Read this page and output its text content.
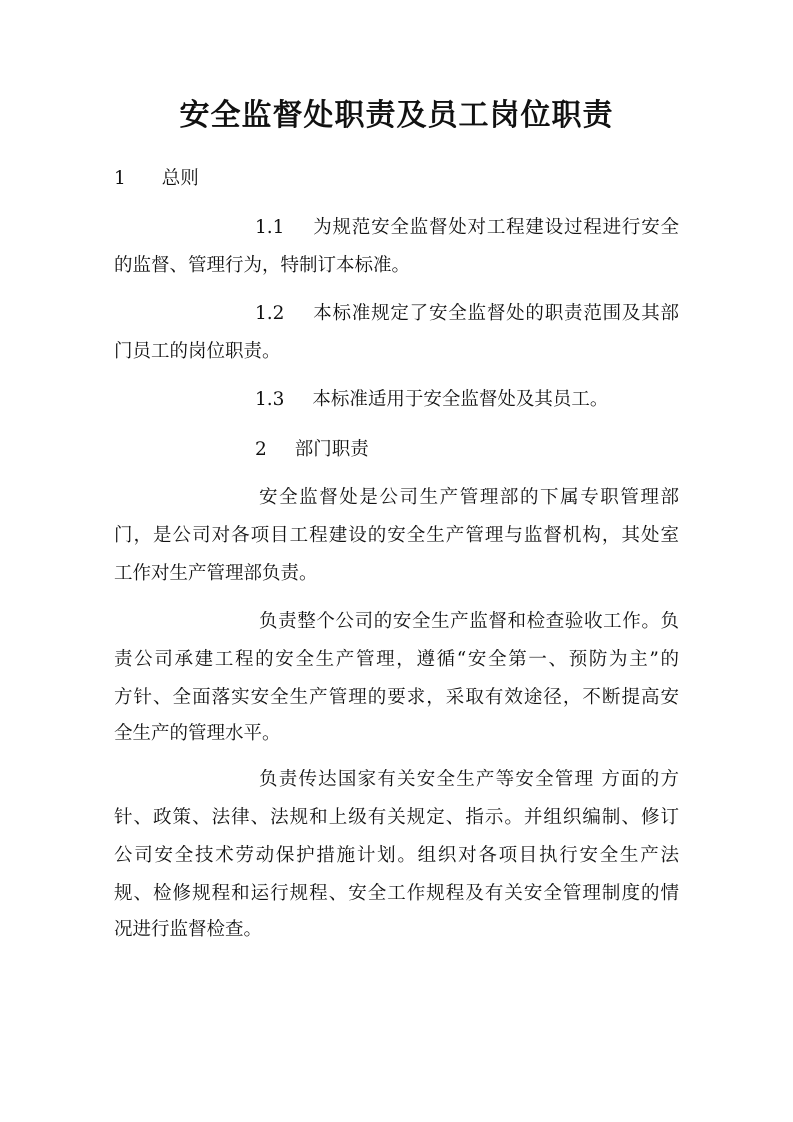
安全监督处职责及员工岗位职责

1 总则

1.1 为规范安全监督处对工程建设过程进行安全

的监督、管理行为，特制订本标准。

1.2 本标准规定了安全监督处的职责范围及其部

门员工的岗位职责。

1.3 本标准适用于安全监督处及其员工。

2 部门职责

安全监督处是公司生产管理部的下属专职管理部

门，是公司对各项目工程建设的安全生产管理与监督机构，其处室

工作对生产管理部负责。

负责整个公司的安全生产监督和检查验收工作。负

责公司承建工程的安全生产管理，遵循“安全第一、预防为主”的

方针、全面落实安全生产管理的要求，采取有效途径，不断提高安

全生产的管理水平。

负责传达国家有关安全生产等安全管理 方面的方

针、政策、法律、法规和上级有关规定、指示。并组织编制、修订

公司安全技术劳动保护措施计划。组织对各项目执行安全生产法

规、检修规程和运行规程、安全工作规程及有关安全管理制度的情

况进行监督检查。
